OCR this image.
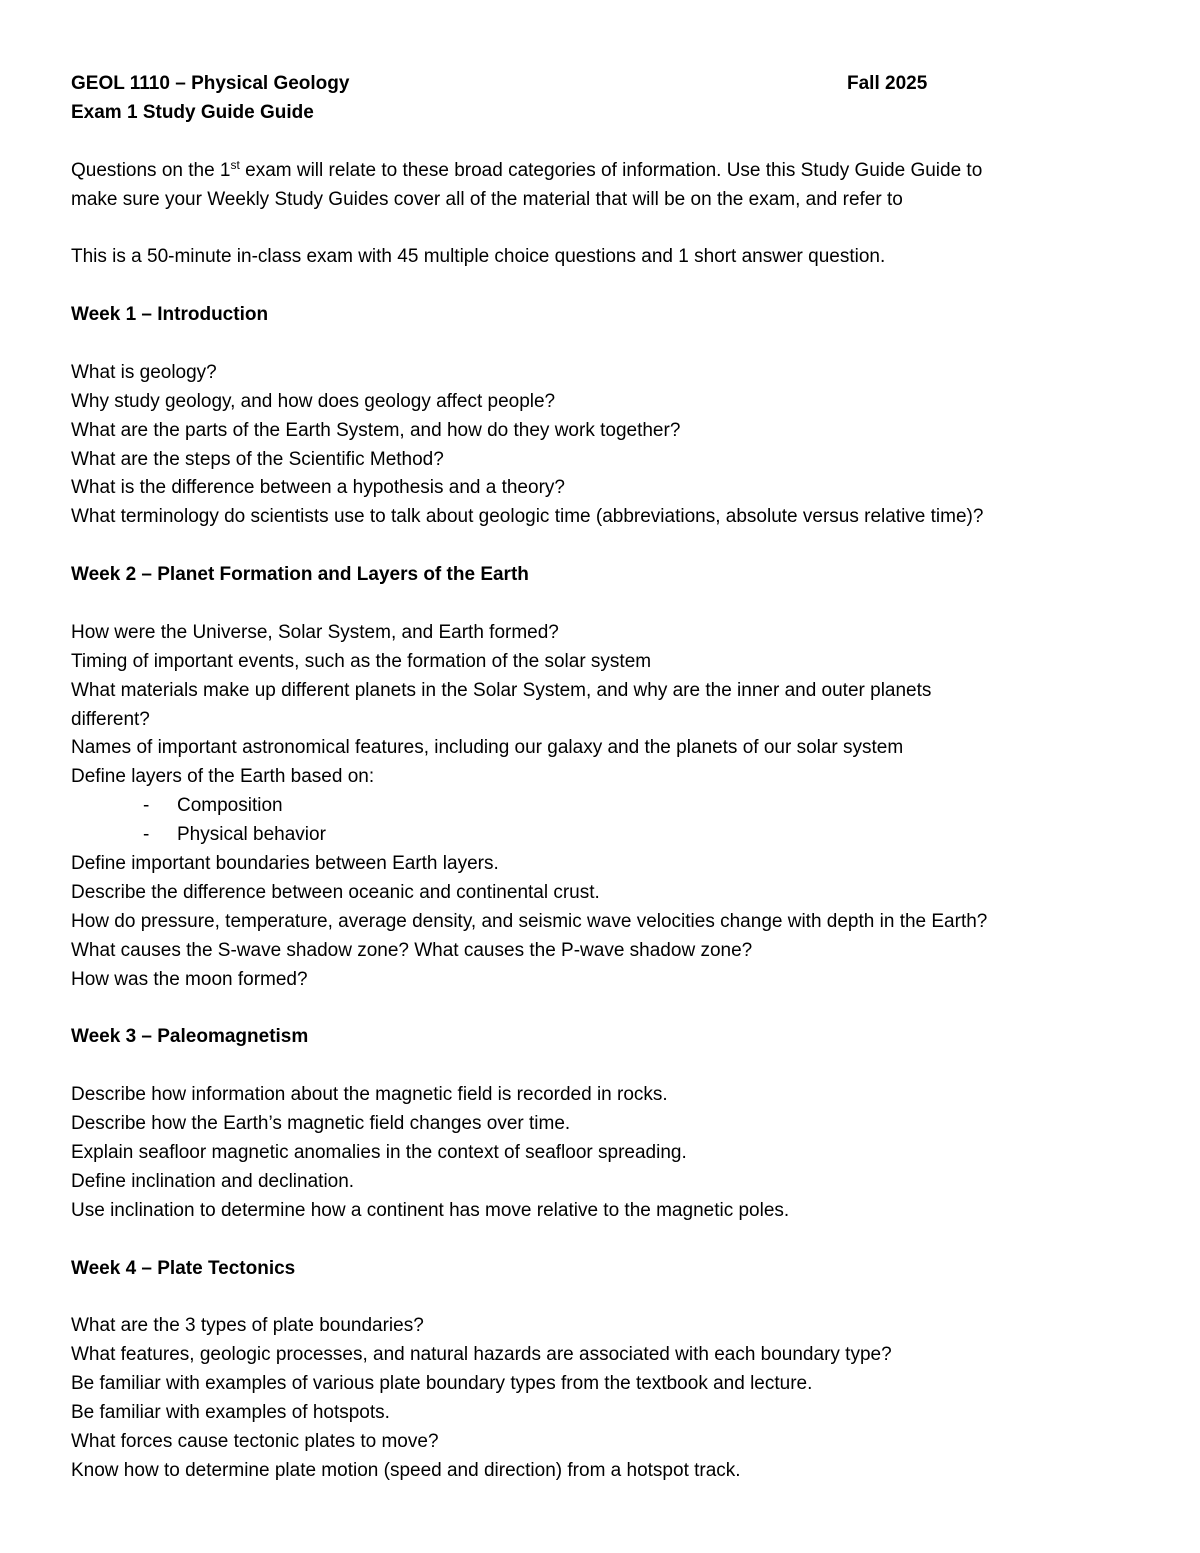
GEOL 1110 – Physical Geology	Fall 2025
Exam 1 Study Guide Guide
Questions on the 1st exam will relate to these broad categories of information. Use this Study Guide Guide to
make sure your Weekly Study Guides cover all of the material that will be on the exam, and refer to
This is a 50-minute in-class exam with 45 multiple choice questions and 1 short answer question.
Week 1 – Introduction
What is geology?
Why study geology, and how does geology affect people?
What are the parts of the Earth System, and how do they work together?
What are the steps of the Scientific Method?
What is the difference between a hypothesis and a theory?
What terminology do scientists use to talk about geologic time (abbreviations, absolute versus relative time)?
Week 2 – Planet Formation and Layers of the Earth
How were the Universe, Solar System, and Earth formed?
Timing of important events, such as the formation of the solar system
What materials make up different planets in the Solar System, and why are the inner and outer planets
different?
Names of important astronomical features, including our galaxy and the planets of our solar system
Define layers of the Earth based on:
- Composition
- Physical behavior
Define important boundaries between Earth layers.
Describe the difference between oceanic and continental crust.
How do pressure, temperature, average density, and seismic wave velocities change with depth in the Earth?
What causes the S-wave shadow zone? What causes the P-wave shadow zone?
How was the moon formed?
Week 3 – Paleomagnetism
Describe how information about the magnetic field is recorded in rocks.
Describe how the Earth’s magnetic field changes over time.
Explain seafloor magnetic anomalies in the context of seafloor spreading.
Define inclination and declination.
Use inclination to determine how a continent has move relative to the magnetic poles.
Week 4 – Plate Tectonics
What are the 3 types of plate boundaries?
What features, geologic processes, and natural hazards are associated with each boundary type?
Be familiar with examples of various plate boundary types from the textbook and lecture.
Be familiar with examples of hotspots.
What forces cause tectonic plates to move?
Know how to determine plate motion (speed and direction) from a hotspot track.
